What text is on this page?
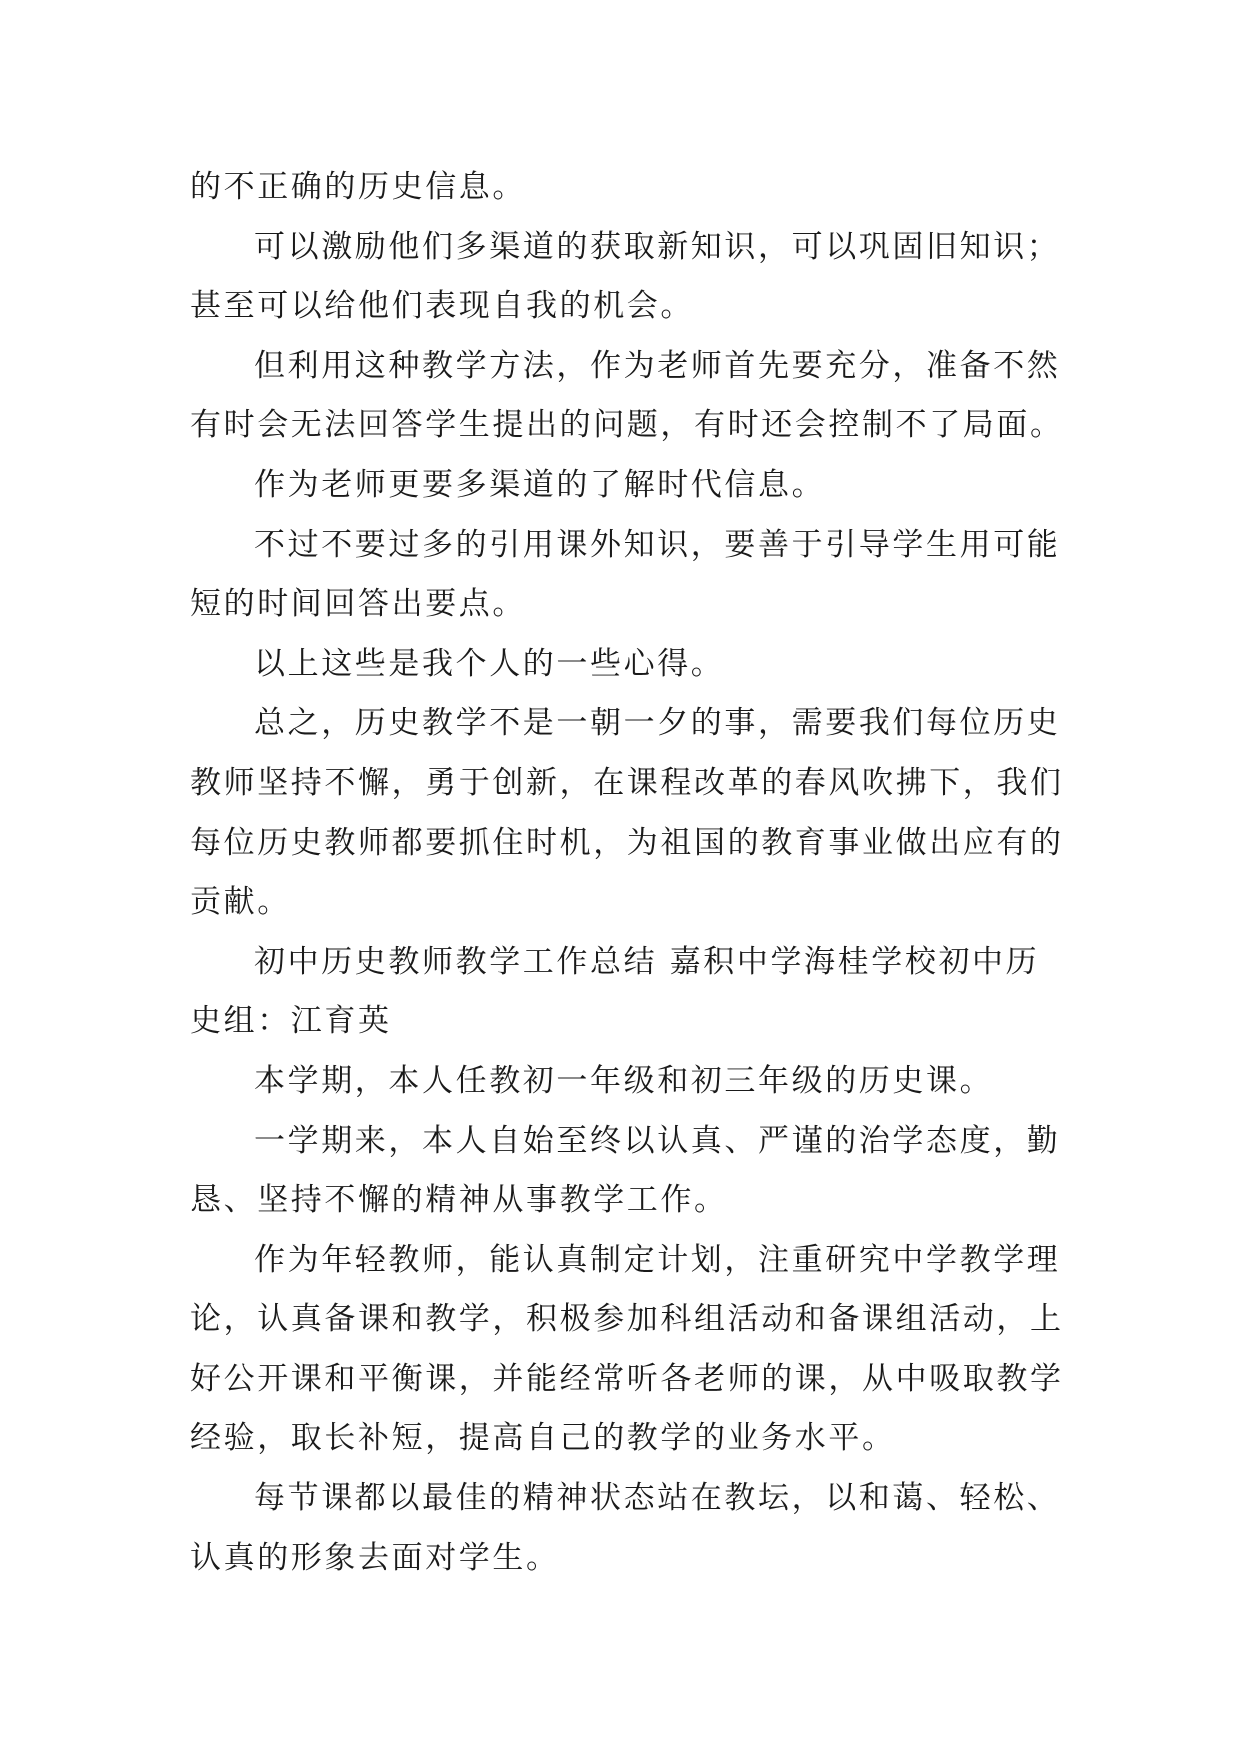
的不正确的历史信息。
可以激励他们多渠道的获取新知识，可以巩固旧知识；
甚至可以给他们表现自我的机会。
但利用这种教学方法，作为老师首先要充分，准备不然
有时会无法回答学生提出的问题，有时还会控制不了局面。
作为老师更要多渠道的了解时代信息。
不过不要过多的引用课外知识，要善于引导学生用可能
短的时间回答出要点。
以上这些是我个人的一些心得。
总之，历史教学不是一朝一夕的事，需要我们每位历史
教师坚持不懈，勇于创新，在课程改革的春风吹拂下，我们
每位历史教师都要抓住时机，为祖国的教育事业做出应有的
贡献。
初中历史教师教学工作总结 嘉积中学海桂学校初中历
史组：江育英
本学期，本人任教初一年级和初三年级的历史课。
一学期来，本人自始至终以认真、严谨的治学态度，勤
恳、坚持不懈的精神从事教学工作。
作为年轻教师，能认真制定计划，注重研究中学教学理
论，认真备课和教学，积极参加科组活动和备课组活动，上
好公开课和平衡课，并能经常听各老师的课，从中吸取教学
经验，取长补短，提高自己的教学的业务水平。
每节课都以最佳的精神状态站在教坛，以和蔼、轻松、
认真的形象去面对学生。
